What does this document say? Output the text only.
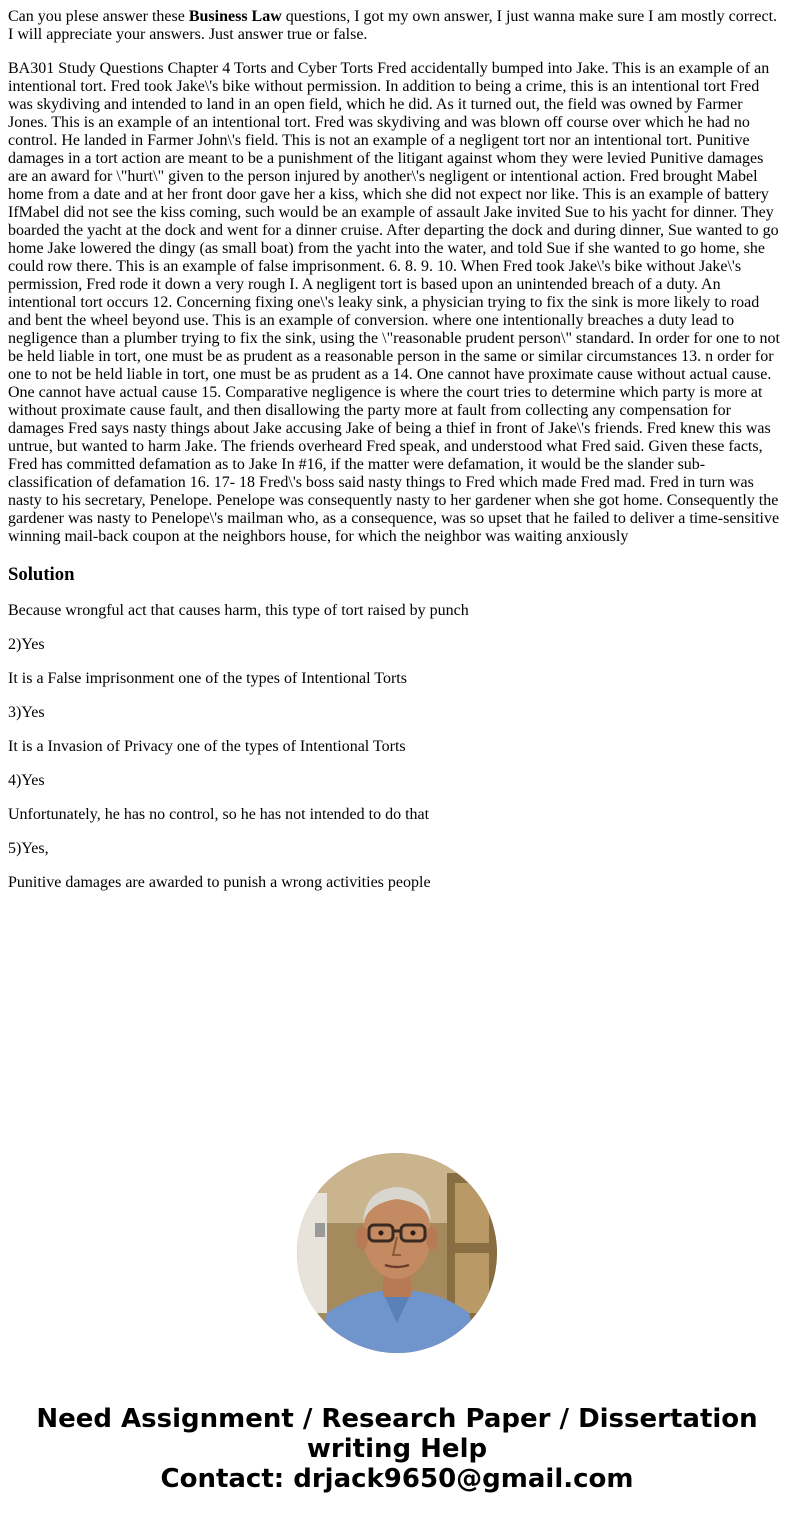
Can you plese answer these Business Law questions, I got my own answer, I just wanna make sure I am mostly correct. I will appreciate your answers. Just answer true or false.

BA301 Study Questions Chapter 4 Torts and Cyber Torts Fred accidentally bumped into Jake. This is an example of an intentional tort. Fred took Jake\'s bike without permission. In addition to being a crime, this is an intentional tort Fred was skydiving and intended to land in an open field, which he did. As it turned out, the field was owned by Farmer Jones. This is an example of an intentional tort. Fred was skydiving and was blown off course over which he had no control. He landed in Farmer John\'s field. This is not an example of a negligent tort nor an intentional tort. Punitive damages in a tort action are meant to be a punishment of the litigant against whom they were levied Punitive damages are an award for \"hurt\" given to the person injured by another\'s negligent or intentional action. Fred brought Mabel home from a date and at her front door gave her a kiss, which she did not expect nor like. This is an example of battery IfMabel did not see the kiss coming, such would be an example of assault Jake invited Sue to his yacht for dinner. They boarded the yacht at the dock and went for a dinner cruise. After departing the dock and during dinner, Sue wanted to go home Jake lowered the dingy (as small boat) from the yacht into the water, and told Sue if she wanted to go home, she could row there. This is an example of false imprisonment. 6. 8. 9. 10. When Fred took Jake\'s bike without Jake\'s permission, Fred rode it down a very rough I. A negligent tort is based upon an unintended breach of a duty. An intentional tort occurs 12. Concerning fixing one\'s leaky sink, a physician trying to fix the sink is more likely to road and bent the wheel beyond use. This is an example of conversion. where one intentionally breaches a duty lead to negligence than a plumber trying to fix the sink, using the \"reasonable prudent person\" standard. In order for one to not be held liable in tort, one must be as prudent as a reasonable person in the same or similar circumstances 13. n order for one to not be held liable in tort, one must be as prudent as a 14. One cannot have proximate cause without actual cause. One cannot have actual cause 15. Comparative negligence is where the court tries to determine which party is more at without proximate cause fault, and then disallowing the party more at fault from collecting any compensation for damages Fred says nasty things about Jake accusing Jake of being a thief in front of Jake\'s friends. Fred knew this was untrue, but wanted to harm Jake. The friends overheard Fred speak, and understood what Fred said. Given these facts, Fred has committed defamation as to Jake In #16, if the matter were defamation, it would be the slander sub-classification of defamation 16. 17- 18 Fred\'s boss said nasty things to Fred which made Fred mad. Fred in turn was nasty to his secretary, Penelope. Penelope was consequently nasty to her gardener when she got home. Consequently the gardener was nasty to Penelope\'s mailman who, as a consequence, was so upset that he failed to deliver a time-sensitive winning mail-back coupon at the neighbors house, for which the neighbor was waiting anxiously

Solution

Because wrongful act that causes harm, this type of tort raised by punch

2)Yes

It is a False imprisonment one of the types of Intentional Torts

3)Yes

It is a Invasion of Privacy one of the types of Intentional Torts

4)Yes

Unfortunately, he has no control, so he has not intended to do that

5)Yes,

Punitive damages are awarded to punish a wrong activities people

Need Assignment / Research Paper / Dissertation
writing Help
Contact: drjack9650@gmail.com
